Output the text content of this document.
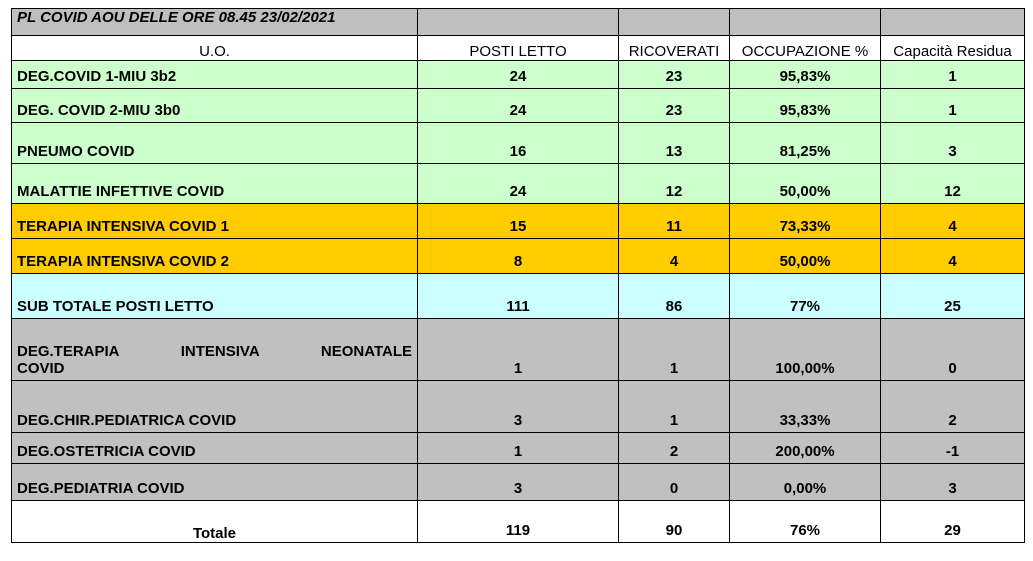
PL COVID AOU DELLE ORE 08.45 23/02/2021				
U.O.	POSTI LETTO	RICOVERATI	OCCUPAZIONE %	Capacità Residua
DEG.COVID 1-MIU 3b2	24	23	95,83%	1
DEG. COVID 2-MIU 3b0	24	23	95,83%	1
PNEUMO COVID	16	13	81,25%	3
MALATTIE INFETTIVE COVID	24	12	50,00%	12
TERAPIA INTENSIVA COVID 1	15	11	73,33%	4
TERAPIA INTENSIVA COVID 2	8	4	50,00%	4
SUB TOTALE POSTI LETTO	111	86	77%	25

DEG.TERAPIA INTENSIVA NEONATALE
COVID	1	1	100,00%	0
DEG.CHIR.PEDIATRICA COVID	3	1	33,33%	2
DEG.OSTETRICIA COVID	1	2	200,00%	-1
DEG.PEDIATRIA COVID	3	0	0,00%	3
Totale	119	90	76%	29
